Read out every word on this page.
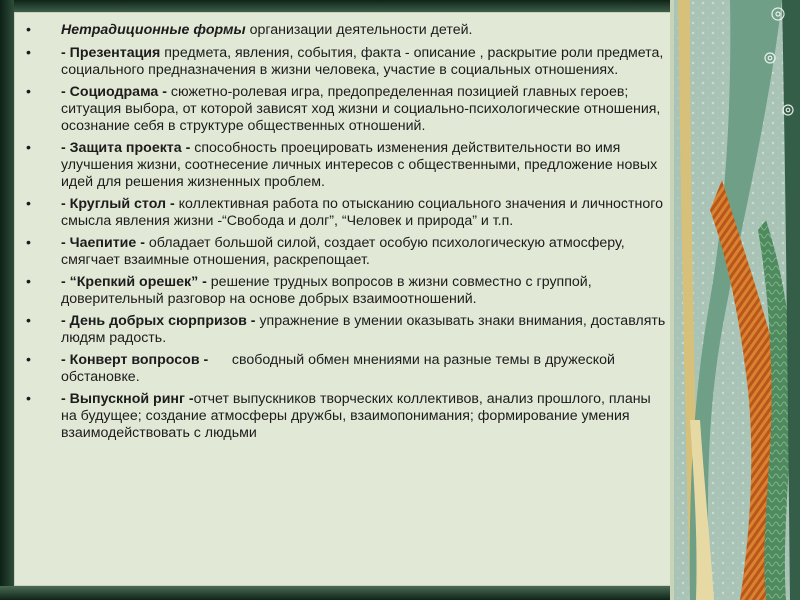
•	Нетрадиционные формы организации деятельности детей.
•	- Презентация предмета, явления, события, факта - описание , раскрытие роли предмета, социального предназначения в жизни человека, участие в социальных отношениях.
•	- Социодрама - сюжетно-ролевая игра, предопределенная позицией главных героев; ситуация выбора, от которой зависят ход жизни и социально-психологические отношения, осознание себя в структуре общественных отношений.
•	- Защита проекта - способность проецировать изменения действительности во имя улучшения жизни, соотнесение личных интересов с общественными, предложение новых идей для решения жизненных проблем.
•	- Круглый стол - коллективная работа по отысканию социального значения и личностного смысла явления жизни -“Свобода и долг”, “Человек и природа” и т.п.
•	- Чаепитие - обладает большой силой, создает особую психологическую атмосферу, смягчает взаимные отношения, раскрепощает.
•	- “Крепкий орешек” - решение трудных вопросов в жизни совместно с группой, доверительный разговор на основе добрых взаимоотношений.
•	- День добрых сюрпризов - упражнение в умении оказывать знаки внимания, доставлять людям радость.
•	- Конверт вопросов -      свободный обмен мнениями на разные темы в дружеской обстановке.
•	- Выпускной ринг -отчет выпускников творческих коллективов, анализ прошлого, планы на будущее; создание атмосферы дружбы, взаимопонимания; формирование умения взаимодействовать с людьми
